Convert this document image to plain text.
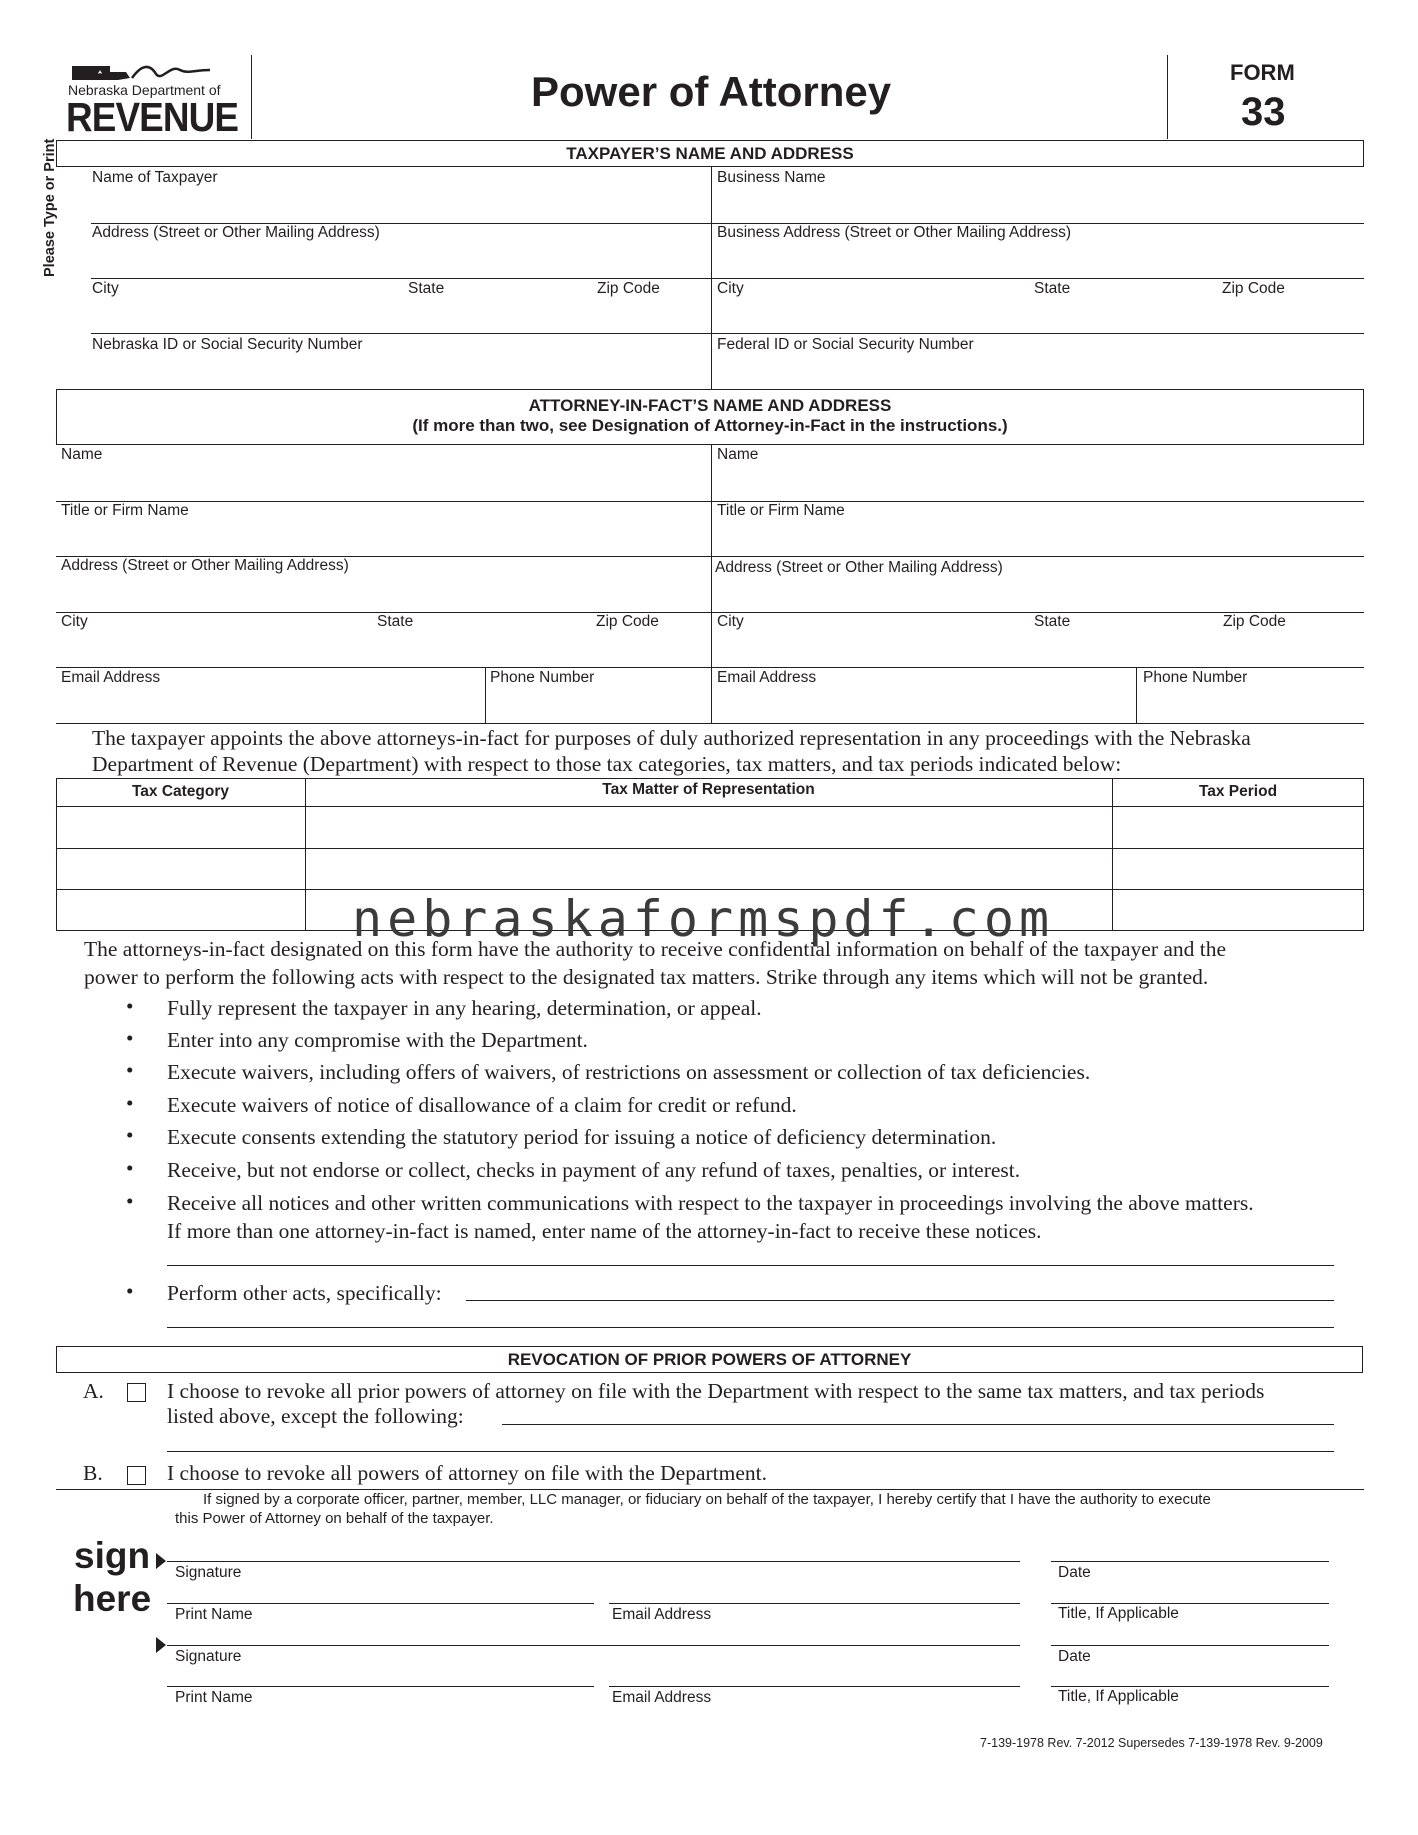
Nebraska Department of
REVENUE
Power of Attorney	FORM
33
TAXPAYER’S NAME AND ADDRESS
Please Type or Print Name of Taxpayer	Business Name
Address (Street or Other Mailing Address)	Business Address (Street or Other Mailing Address)
City	State	Zip Code	City	State	Zip Code
Nebraska ID or Social Security Number	Federal ID or Social Security Number
ATTORNEY-IN-FACT’S NAME AND ADDRESS
(If more than two, see Designation of Attorney-in-Fact in the instructions.)
Name	Name
Title or Firm Name	Title or Firm Name
Address (Street or Other Mailing Address)	Address (Street or Other Mailing Address)
City	State	Zip Code	City	State	Zip Code
Email Address	Phone Number	Email Address	Phone Number
The taxpayer appoints the above attorneys-in-fact for purposes of duly authorized representation in any proceedings with the Nebraska
Department of Revenue (Department) with respect to those tax categories, tax matters, and tax periods indicated below:
Tax Category	Tax Matter of Representation	Tax Period
nebraskaformspdf.com
The attorneys-in-fact designated on this form have the authority to receive confidential information on behalf of the taxpayer and the
power to perform the following acts with respect to the designated tax matters. Strike through any items which will not be granted.
• Fully represent the taxpayer in any hearing, determination, or appeal.
• Enter into any compromise with the Department.
• Execute waivers, including offers of waivers, of restrictions on assessment or collection of tax deficiencies.
• Execute waivers of notice of disallowance of a claim for credit or refund.
• Execute consents extending the statutory period for issuing a notice of deficiency determination.
• Receive, but not endorse or collect, checks in payment of any refund of taxes, penalties, or interest.
• Receive all notices and other written communications with respect to the taxpayer in proceedings involving the above matters.
If more than one attorney-in-fact is named, enter name of the attorney-in-fact to receive these notices.
• Perform other acts, specifically:
REVOCATION OF PRIOR POWERS OF ATTORNEY
A.	I choose to revoke all prior powers of attorney on file with the Department with respect to the same tax matters, and tax periods
listed above, except the following:
B.	I choose to revoke all powers of attorney on file with the Department.
If signed by a corporate officer, partner, member, LLC manager, or fiduciary on behalf of the taxpayer, I hereby certify that I have the authority to execute
this Power of Attorney on behalf of the taxpayer.
sign
here
Signature	Date
Print Name	Email Address	Title, If Applicable
Signature	Date
Print Name	Email Address	Title, If Applicable
7-139-1978 Rev. 7-2012 Supersedes 7-139-1978 Rev. 9-2009
